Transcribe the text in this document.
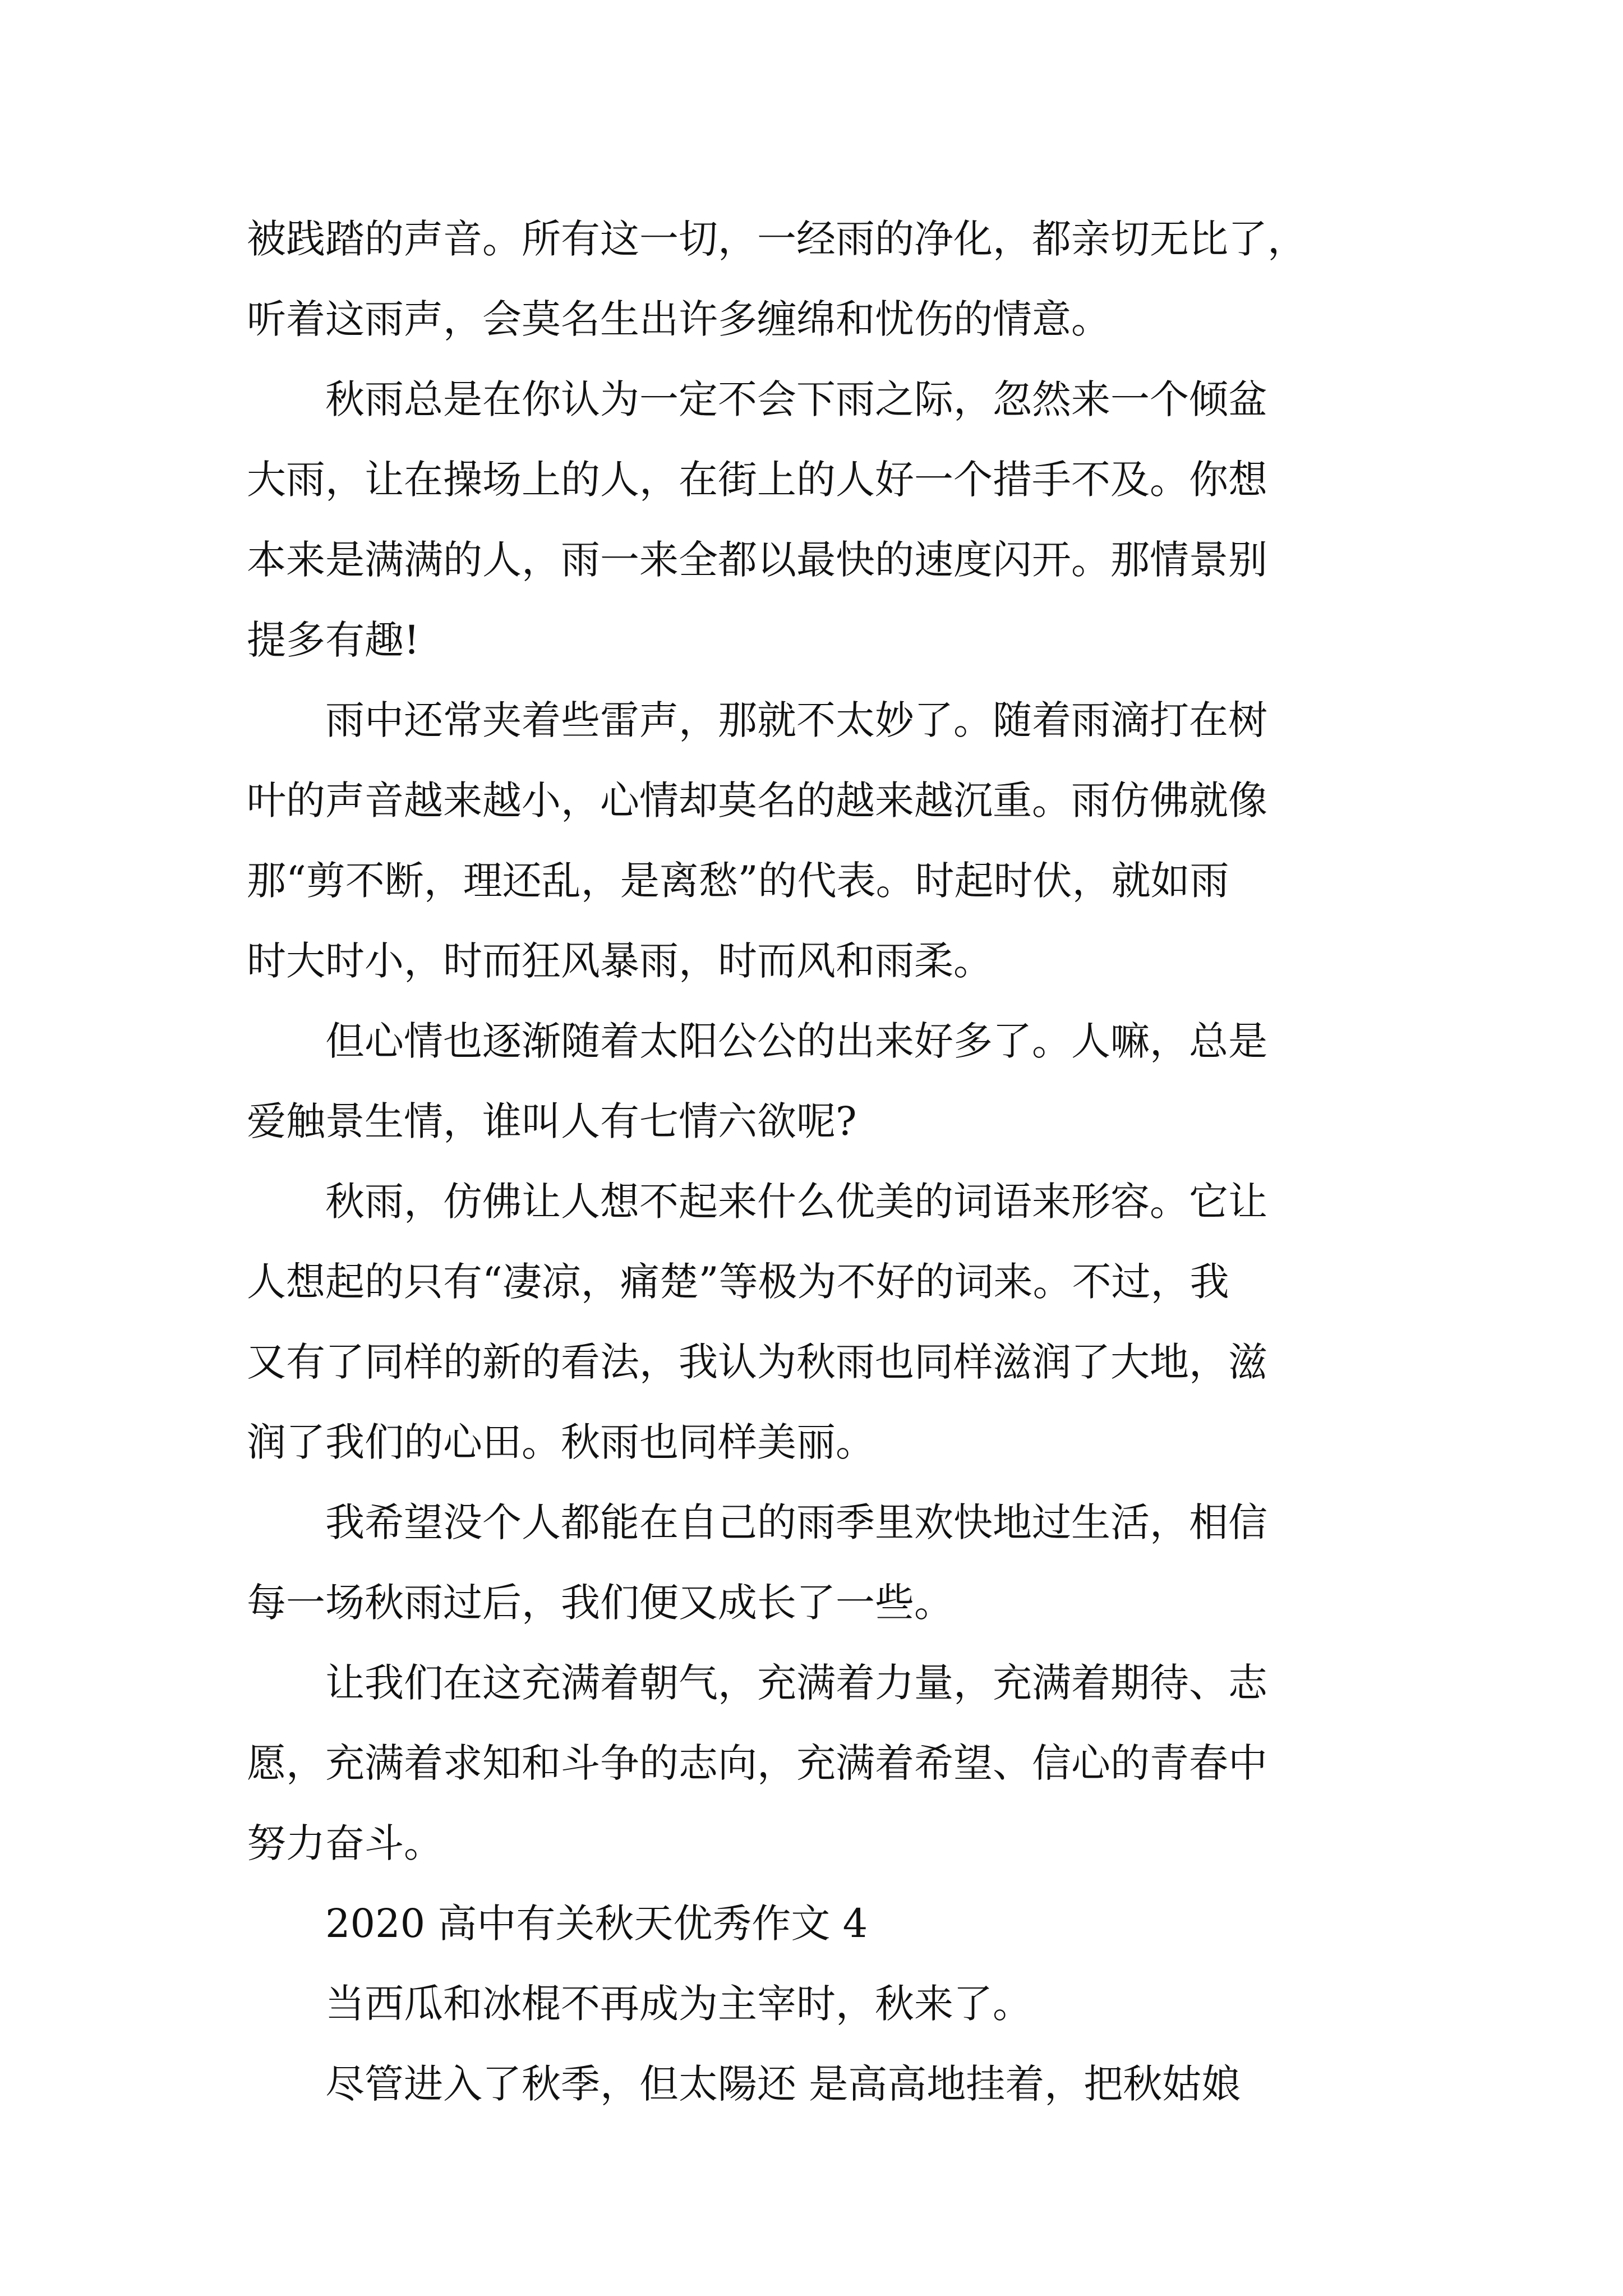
被践踏的声音。所有这一切，一经雨的净化，都亲切无比了，
听着这雨声，会莫名生出许多缠绵和忧伤的情意。
秋雨总是在你认为一定不会下雨之际，忽然来一个倾盆
大雨，让在操场上的人，在街上的人好一个措手不及。你想
本来是满满的人，雨一来全都以最快的速度闪开。那情景别
提多有趣!
雨中还常夹着些雷声，那就不太妙了。随着雨滴打在树
叶的声音越来越小，心情却莫名的越来越沉重。雨仿佛就像
那“剪不断，理还乱，是离愁”的代表。时起时伏，就如雨
时大时小，时而狂风暴雨，时而风和雨柔。
但心情也逐渐随着太阳公公的出来好多了。人嘛，总是
爱触景生情，谁叫人有七情六欲呢?
秋雨，仿佛让人想不起来什么优美的词语来形容。它让
人想起的只有“凄凉，痛楚”等极为不好的词来。不过，我
又有了同样的新的看法，我认为秋雨也同样滋润了大地，滋
润了我们的心田。秋雨也同样美丽。
我希望没个人都能在自己的雨季里欢快地过生活，相信
每一场秋雨过后，我们便又成长了一些。
让我们在这充满着朝气，充满着力量，充满着期待、志
愿，充满着求知和斗争的志向，充满着希望、信心的青春中
努力奋斗。
2020 高中有关秋天优秀作文 4
当西瓜和冰棍不再成为主宰时，秋来了。
尽管进入了秋季，但太陽还 是高高地挂着，把秋姑娘
